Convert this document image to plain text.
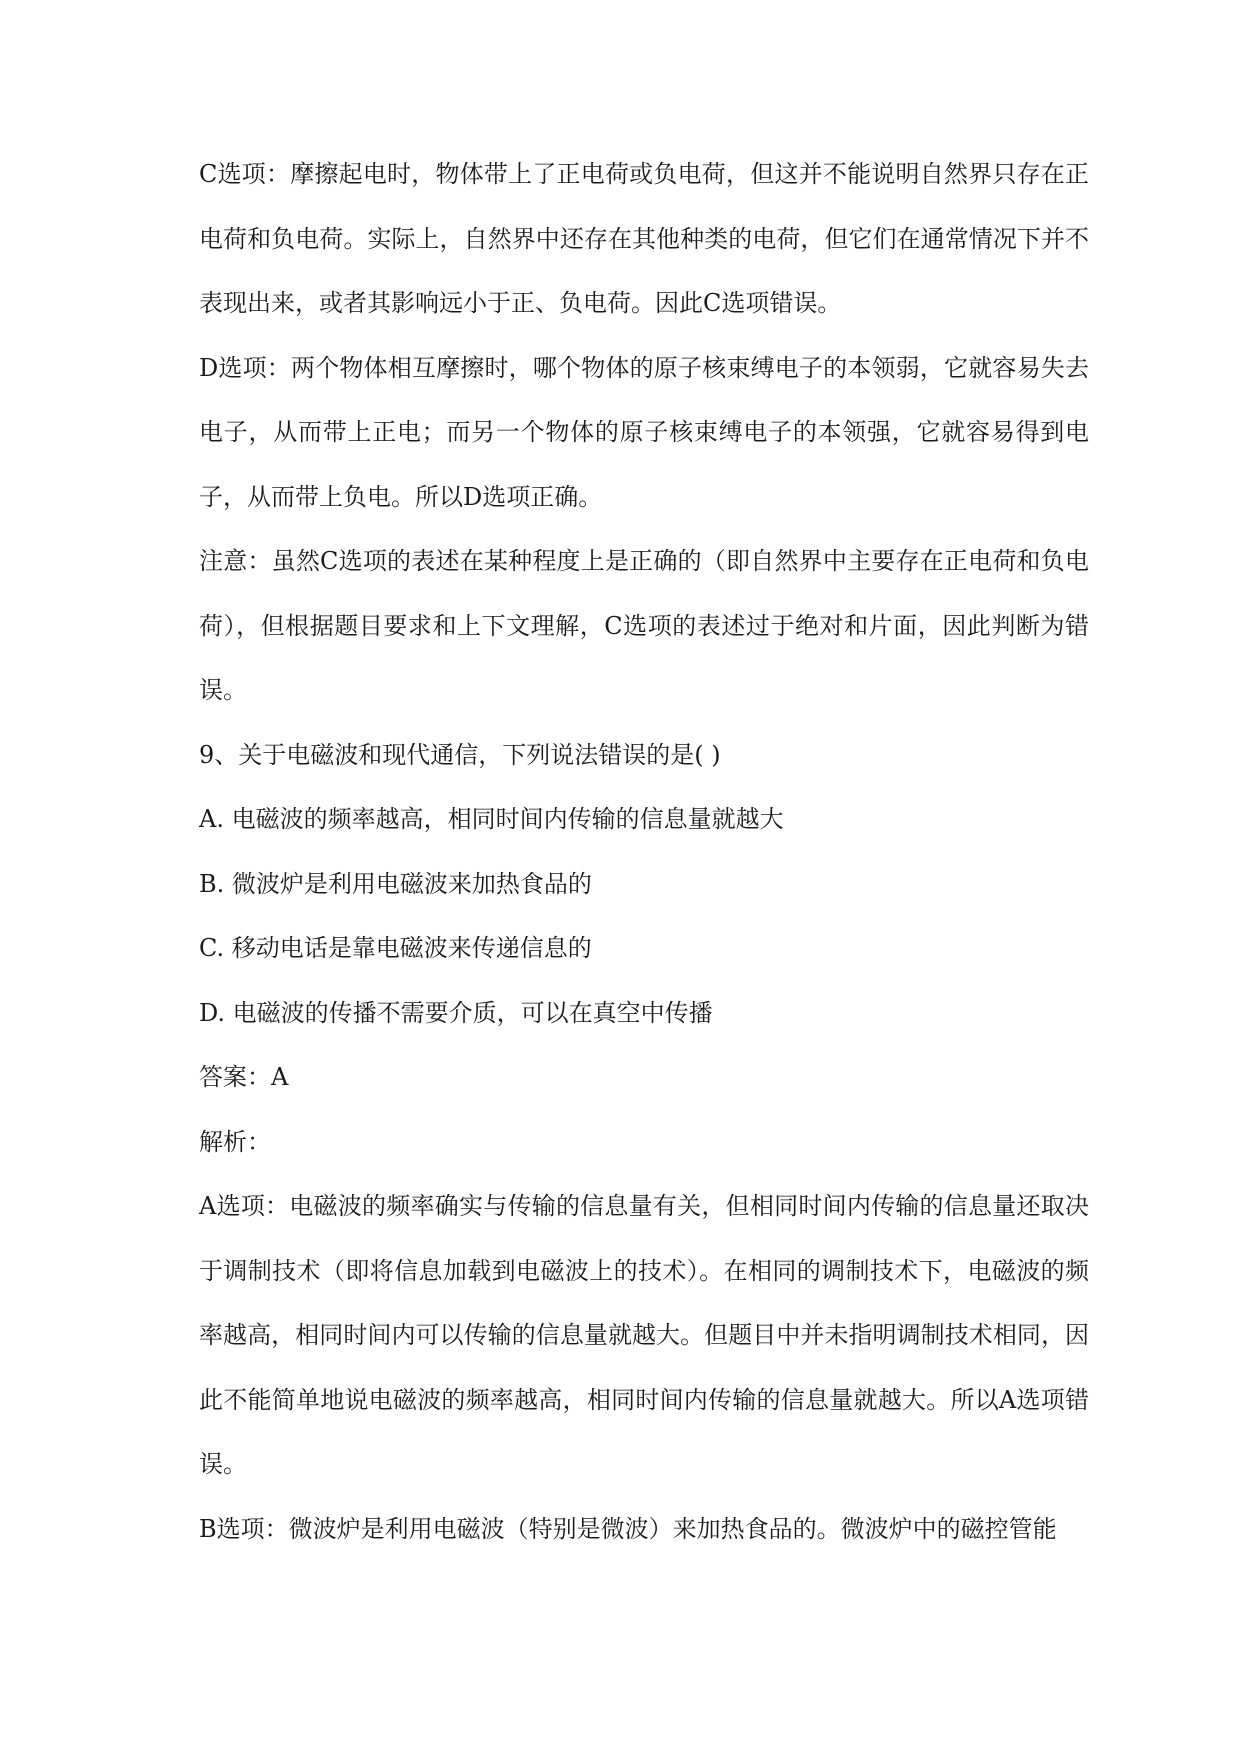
C选项：摩擦起电时，物体带上了正电荷或负电荷，但这并不能说明自然界只存在正电荷和负电荷。实际上，自然界中还存在其他种类的电荷，但它们在通常情况下并不表现出来，或者其影响远小于正、负电荷。因此C选项错误。

D选项：两个物体相互摩擦时，哪个物体的原子核束缚电子的本领弱，它就容易失去电子，从而带上正电；而另一个物体的原子核束缚电子的本领强，它就容易得到电子，从而带上负电。所以D选项正确。

注意：虽然C选项的表述在某种程度上是正确的（即自然界中主要存在正电荷和负电荷），但根据题目要求和上下文理解，C选项的表述过于绝对和片面，因此判断为错误。

9、关于电磁波和现代通信，下列说法错误的是( )

A. 电磁波的频率越高，相同时间内传输的信息量就越大

B. 微波炉是利用电磁波来加热食品的

C. 移动电话是靠电磁波来传递信息的

D. 电磁波的传播不需要介质，可以在真空中传播

答案：A

解析：

A选项：电磁波的频率确实与传输的信息量有关，但相同时间内传输的信息量还取决于调制技术（即将信息加载到电磁波上的技术）。在相同的调制技术下，电磁波的频率越高，相同时间内可以传输的信息量就越大。但题目中并未指明调制技术相同，因此不能简单地说电磁波的频率越高，相同时间内传输的信息量就越大。所以A选项错误。

B选项：微波炉是利用电磁波（特别是微波）来加热食品的。微波炉中的磁控管能
